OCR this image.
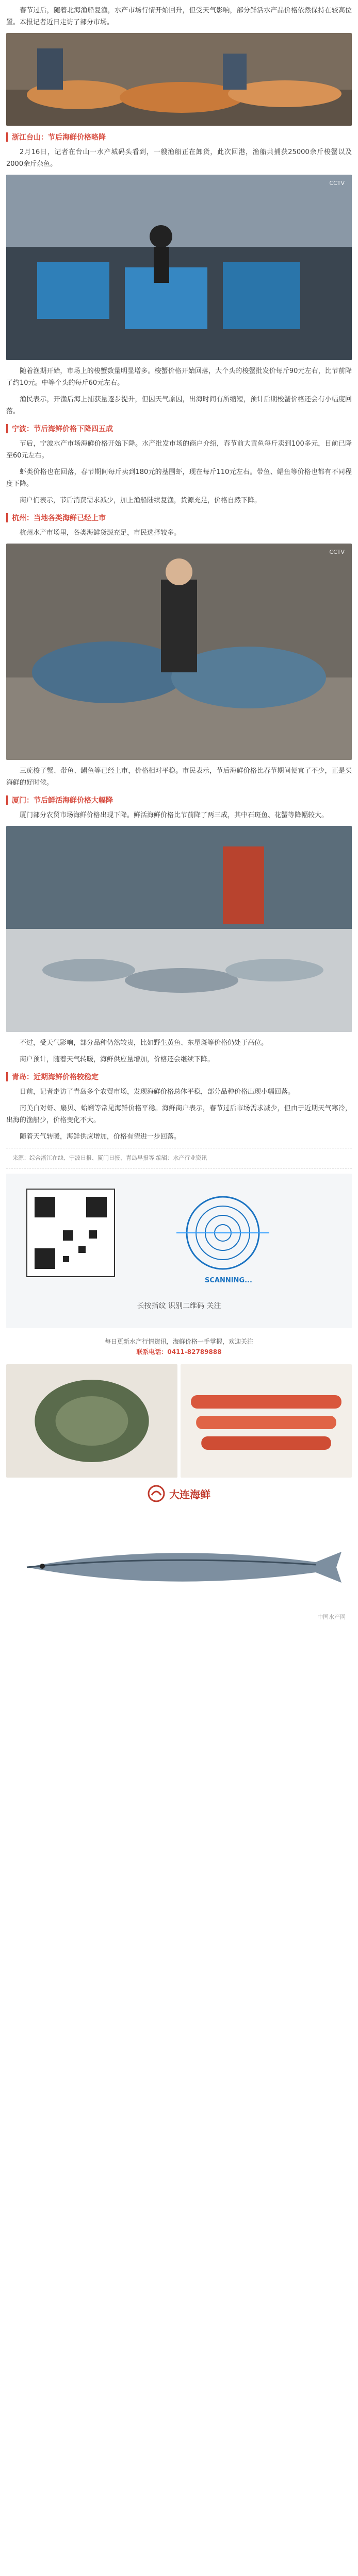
春节过后，随着北海渔船复渔，水产市场行情开始回升，但受天气影响，部分鲜活水产品价格依然保持在较高位置。本报记者近日走访了部分市场。

浙江台山：节后海鲜价格略降

2月16日，记者在台山一水产城码头看到，一艘渔船正在卸货，此次回港，渔船共捕获25000余斤梭蟹以及2000余斤杂鱼。

CCTV

随着渔期开始，市场上的梭蟹数量明显增多。梭蟹价格开始回落，大个头的梭蟹批发价每斤90元左右，比节前降了约10元。中等个头的每斤60元左右。

渔民表示，开渔后海上捕获量逐步提升，但因天气原因，出海时间有所缩短，预计后期梭蟹价格还会有小幅度回落。

宁波：节后海鲜价格下降四五成

节后，宁波水产市场海鲜价格开始下降。水产批发市场的商户介绍，春节前大黄鱼每斤卖到100多元，目前已降至60元左右。

虾类价格也在回落，春节期间每斤卖到180元的基围虾，现在每斤110元左右。带鱼、鲳鱼等价格也都有不同程度下降。

商户们表示，节后消费需求减少，加上渔船陆续复渔，货源充足，价格自然下降。

杭州：当地各类海鲜已经上市

杭州水产市场里，各类海鲜货源充足，市民选择较多。

CCTV

三疣梭子蟹、带鱼、鲳鱼等已经上市，价格相对平稳。市民表示，节后海鲜价格比春节期间便宜了不少，正是买海鲜的好时候。

厦门：节后鲜活海鲜价格大幅降

厦门部分农贸市场海鲜价格出现下降。鲜活海鲜价格比节前降了两三成，其中石斑鱼、花蟹等降幅较大。

不过，受天气影响，部分品种仍然较贵，比如野生黄鱼、东星斑等价格仍处于高位。

商户预计，随着天气转暖，海鲜供应量增加，价格还会继续下降。

青岛：近期海鲜价格较稳定

日前，记者走访了青岛多个农贸市场，发现海鲜价格总体平稳，部分品种价格出现小幅回落。

南美白对虾、扇贝、蛤蜊等常见海鲜价格平稳。海鲜商户表示，春节过后市场需求减少，但由于近期天气寒冷，出海的渔船少，价格变化不大。

随着天气转暖，海鲜供应增加，价格有望进一步回落。

来源：综合浙江在线、宁波日报、厦门日报、青岛早报等 编辑：水产行业资讯
SCANNING...
长按指纹 识别二维码 关注
每日更新水产行情资讯，海鲜价格一手掌握，欢迎关注
联系电话：0411-82789888
大连海鲜
中国水产网
